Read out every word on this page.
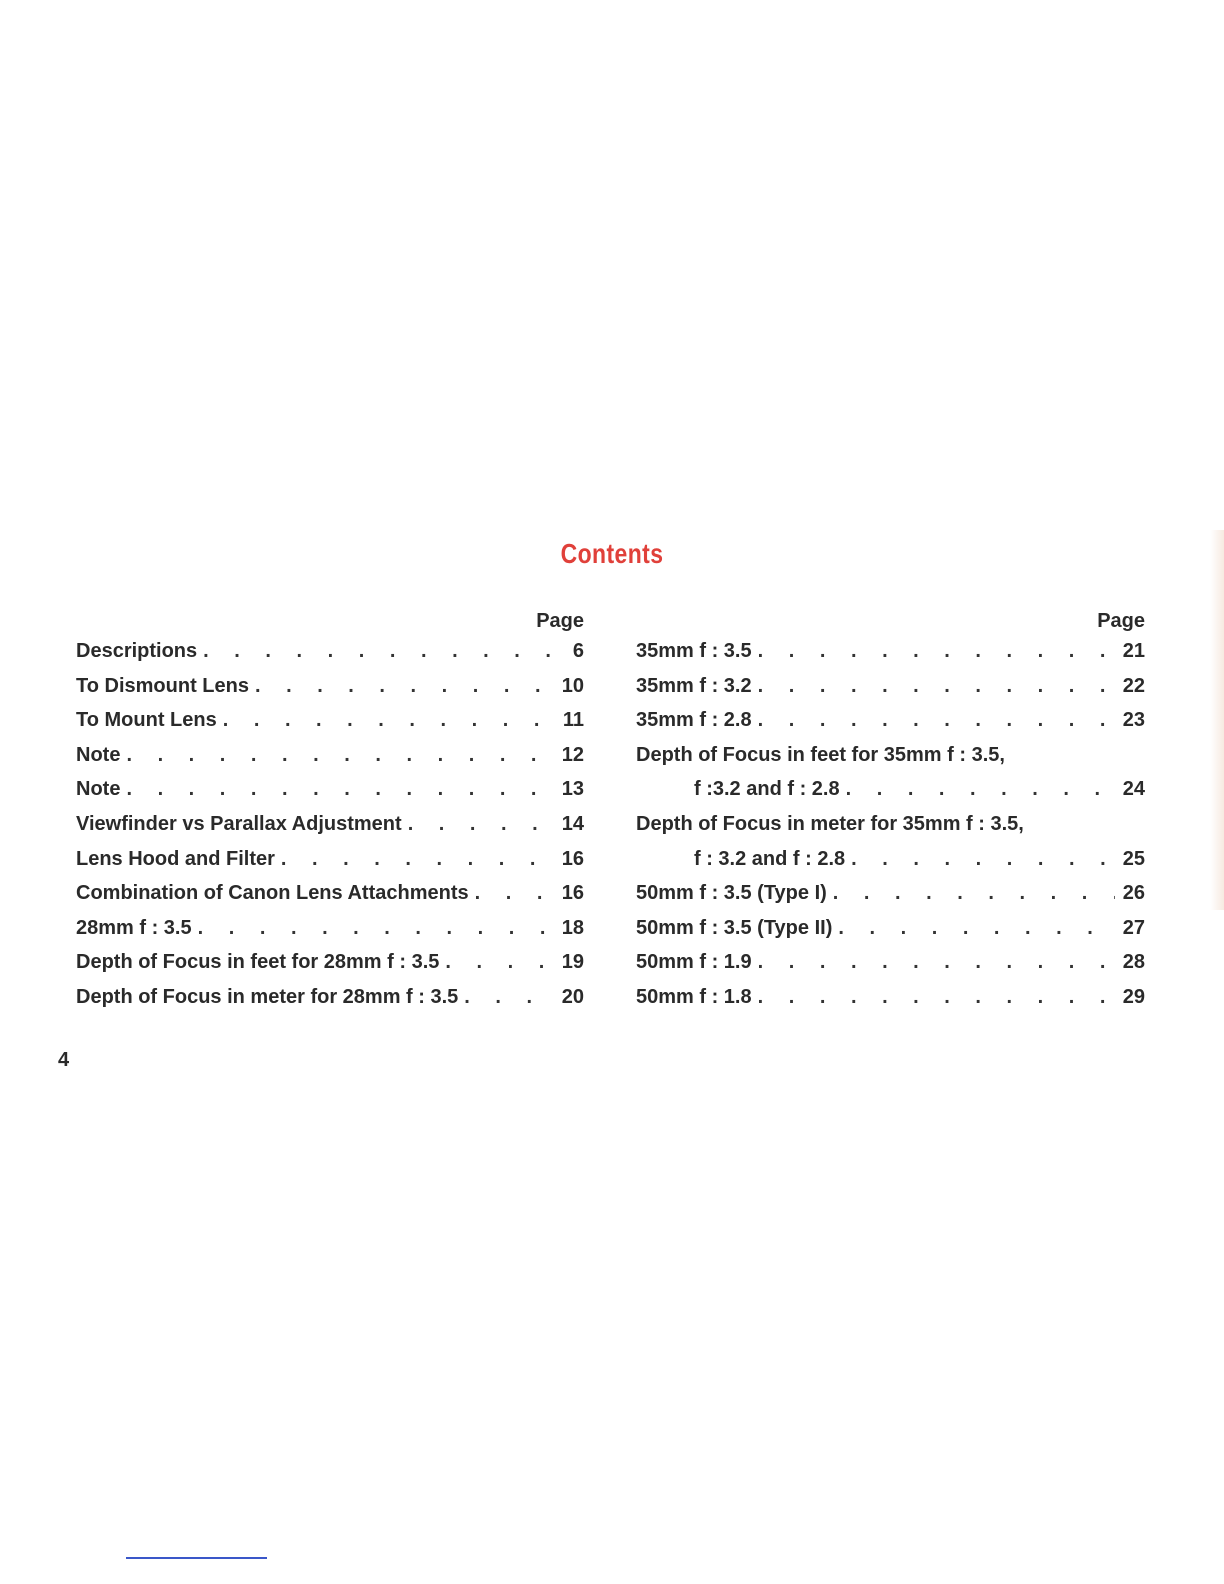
Contents
Page
Descriptions . . .	6
To Dismount Lens . . .	10
To Mount Lens . . .	11
Note . . .	12
Note . . .	13
Viewfinder vs Parallax Adjustment . . .	14
Lens Hood and Filter . . .	16
Combination of Canon Lens Attachments . . .	16
28mm f : 3.5 . . .	18
Depth of Focus in feet for 28mm f : 3.5 . . .	19
Depth of Focus in meter for 28mm f : 3.5 . . .	20
Page
35mm f : 3.5 . . .	21
35mm f : 3.2 . . .	22
35mm f : 2.8 . . .	23
Depth of Focus in feet for 35mm f : 3.5,
f :3.2 and f : 2.8 . . .	24
Depth of Focus in meter for 35mm f : 3.5,
f : 3.2 and f : 2.8 . . .	25
50mm f : 3.5 (Type I) . . .	26
50mm f : 3.5 (Type II) . . .	27
50mm f : 1.9 . . .	28
50mm f : 1.8 . . .	29
4
